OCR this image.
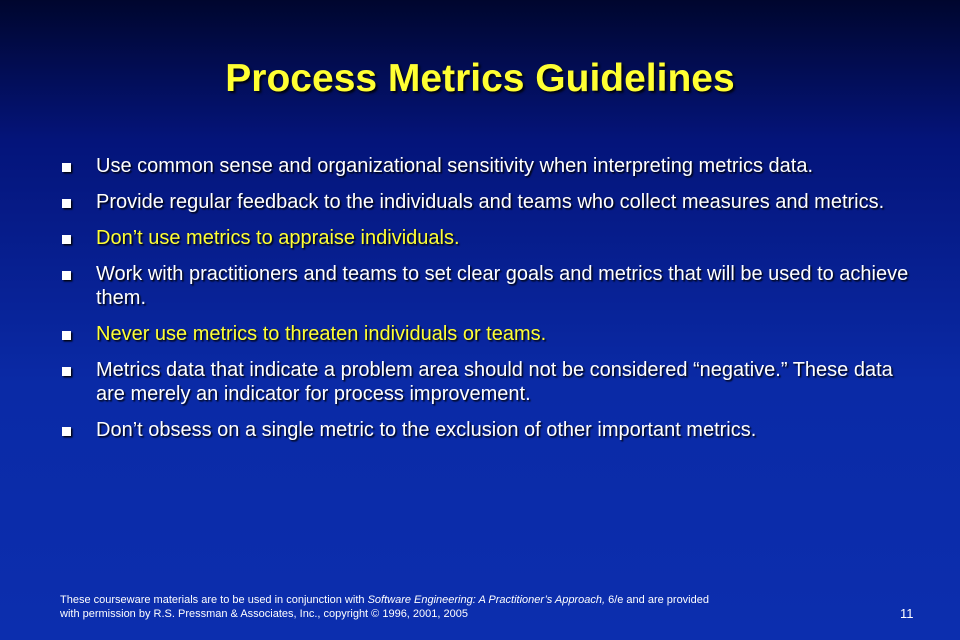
Process Metrics Guidelines
Use common sense and organizational sensitivity when interpreting metrics data.
Provide regular feedback to the individuals and teams who collect measures and metrics.
Don’t use metrics to appraise individuals.
Work with practitioners and teams to set clear goals and metrics that will be used to achieve them.
Never use metrics to threaten individuals or teams.
Metrics data that indicate a problem area should not be considered “negative.” These data are merely an indicator for process improvement.
Don’t obsess on a single metric to the exclusion of other important metrics.
These courseware materials are to be used in conjunction with Software Engineering: A Practitioner’s Approach, 6/e and are provided
with permission by R.S. Pressman & Associates, Inc., copyright © 1996, 2001, 2005	11
